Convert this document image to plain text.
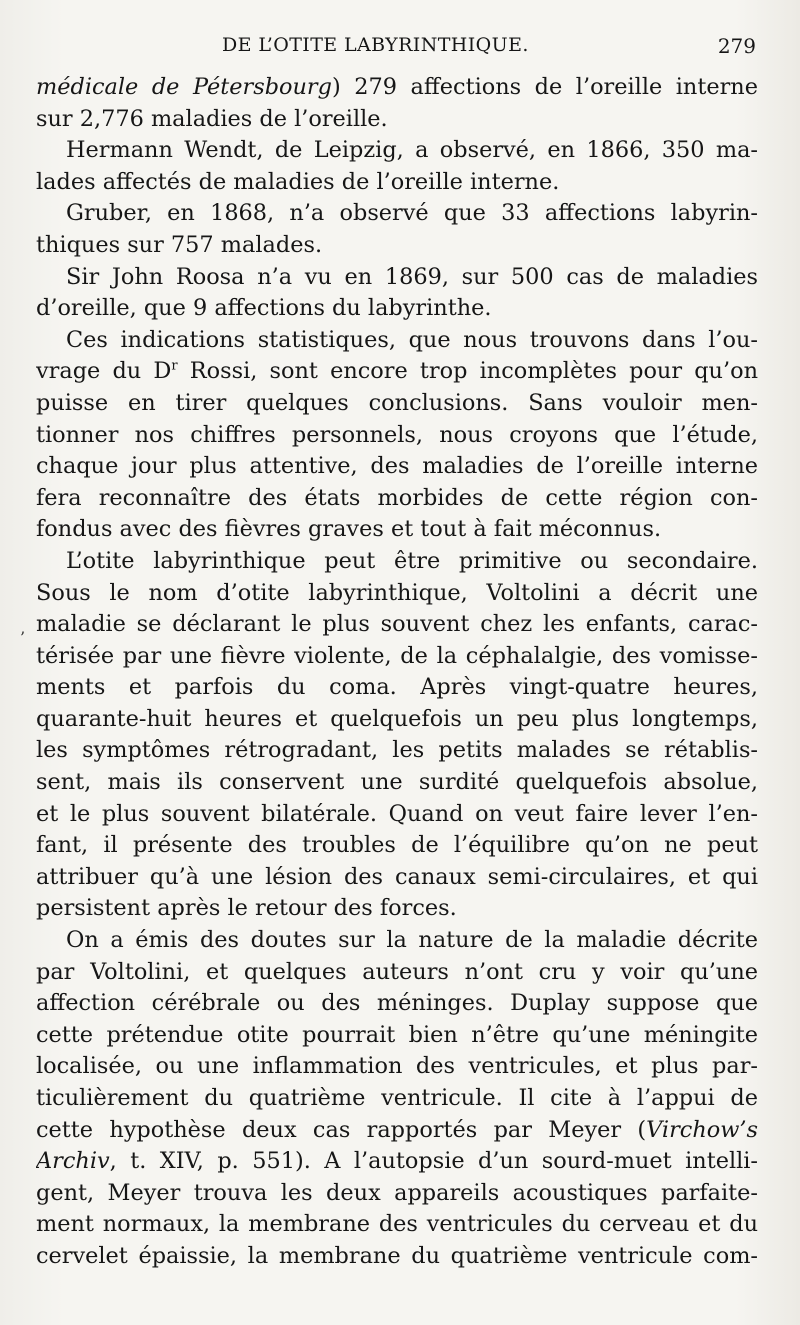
DE L’OTITE LABYRINTHIQUE.	279
’
médicale de Pétersbourg) 279 affections de l’oreille interne
sur 2,776 maladies de l’oreille.
Hermann Wendt, de Leipzig, a observé, en 1866, 350 ma-
lades affectés de maladies de l’oreille interne.
Gruber, en 1868, n’a observé que 33 affections labyrin-
thiques sur 757 malades.
Sir John Roosa n’a vu en 1869, sur 500 cas de maladies
d’oreille, que 9 affections du labyrinthe.
Ces indications statistiques, que nous trouvons dans l’ou-
vrage du $D^r$ Rossi, sont encore trop incomplètes pour qu’on
puisse en tirer quelques conclusions. Sans vouloir men-
tionner nos chiffres personnels, nous croyons que l’étude,
chaque jour plus attentive, des maladies de l’oreille interne
fera reconnaître des états morbides de cette région con-
fondus avec des fièvres graves et tout à fait méconnus.
L’otite labyrinthique peut être primitive ou secondaire.
Sous le nom d’otite labyrinthique, Voltolini a décrit une
maladie se déclarant le plus souvent chez les enfants, carac-
térisée par une fièvre violente, de la céphalalgie, des vomisse-
ments et parfois du coma. Après vingt-quatre heures,
quarante-huit heures et quelquefois un peu plus longtemps,
les symptômes rétrogradant, les petits malades se rétablis-
sent, mais ils conservent une surdité quelquefois absolue,
et le plus souvent bilatérale. Quand on veut faire lever l’en-
fant, il présente des troubles de l’équilibre qu’on ne peut
attribuer qu’à une lésion des canaux semi-circulaires, et qui
persistent après le retour des forces.
On a émis des doutes sur la nature de la maladie décrite
par Voltolini, et quelques auteurs n’ont cru y voir qu’une
affection cérébrale ou des méninges. Duplay suppose que
cette prétendue otite pourrait bien n’être qu’une méningite
localisée, ou une inflammation des ventricules, et plus par-
ticulièrement du quatrième ventricule. Il cite à l’appui de
cette hypothèse deux cas rapportés par Meyer (Virchow’s
Archiv, t. XIV, p. 551). A l’autopsie d’un sourd-muet intelli-
gent, Meyer trouva les deux appareils acoustiques parfaite-
ment normaux, la membrane des ventricules du cerveau et du
cervelet épaissie, la membrane du quatrième ventricule com-
